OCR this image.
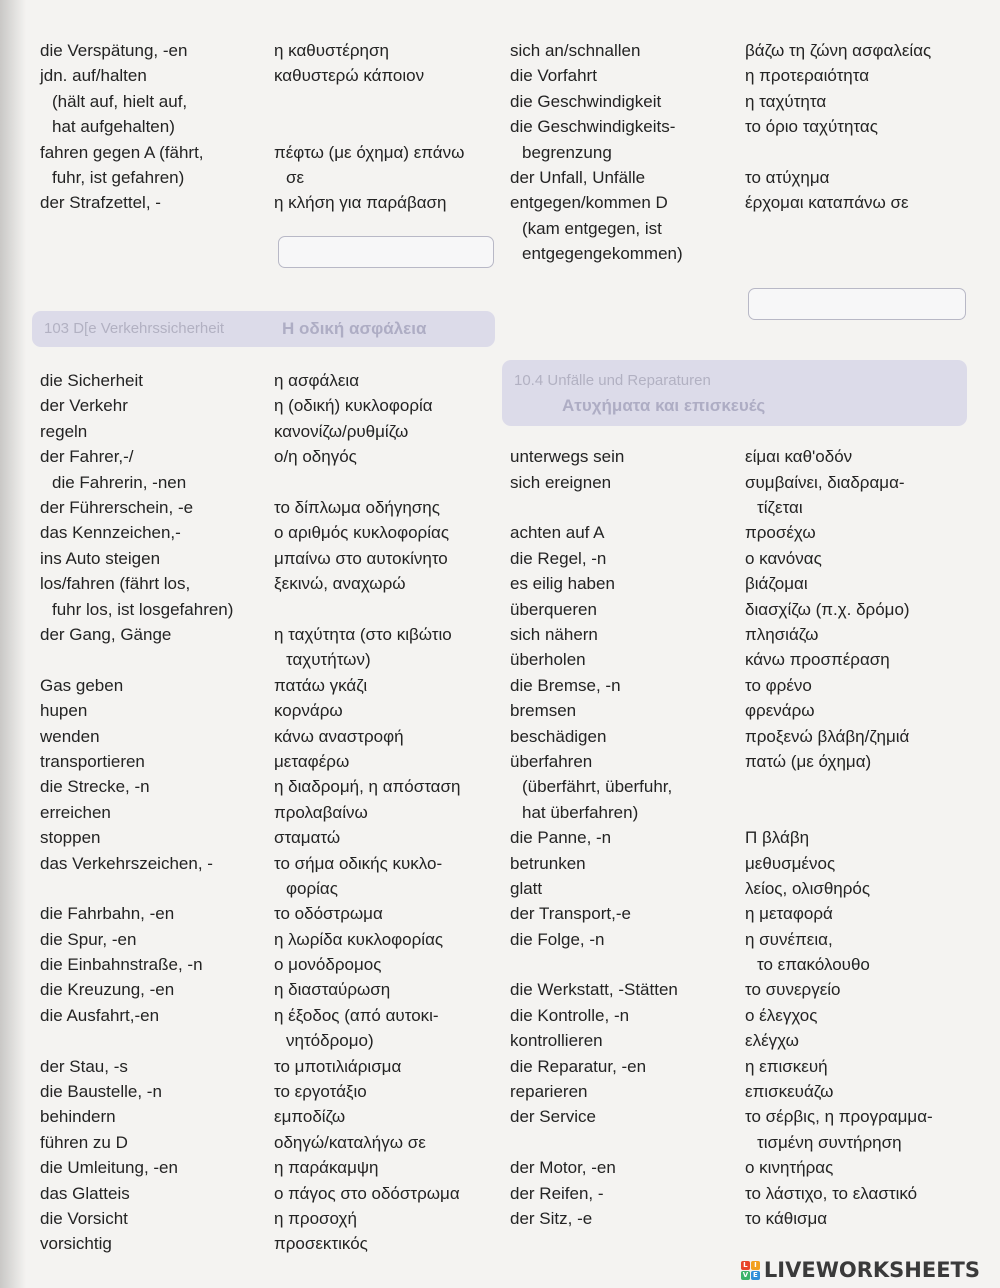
103 D[e Verkehrssicherheit	Η οδική ασφάλεια
10.4 Unfälle und Reparaturen
Ατυχήματα και επισκευές
die Verspätung, -en
jdn. auf/halten
(hält auf, hielt auf,
hat aufgehalten)
fahren gegen A (fährt,
fuhr, ist gefahren)
der Strafzettel, -
die Sicherheit
der Verkehr
regeln
der Fahrer,-/
die Fahrerin, -nen
der Führerschein, -e
das Kennzeichen,-
ins Auto steigen
los/fahren (fährt los,
fuhr los, ist losgefahren)
der Gang, Gänge
Gas geben
hupen
wenden
transportieren
die Strecke, -n
erreichen
stoppen
das Verkehrszeichen, -
die Fahrbahn, -en
die Spur, -en
die Einbahnstraße, -n
die Kreuzung, -en
die Ausfahrt,-en
der Stau, -s
die Baustelle, -n
behindern
führen zu D
die Umleitung, -en
das Glatteis
die Vorsicht
vorsichtig
η καθυστέρηση
καθυστερώ κάποιον
πέφτω (με όχημα) επάνω
σε
η κλήση για παράβαση
η ασφάλεια
η (οδική) κυκλοφορία
κανονίζω/ρυθμίζω
ο/η οδηγός
το δίπλωμα οδήγησης
ο αριθμός κυκλοφορίας
μπαίνω στο αυτοκίνητο
ξεκινώ, αναχωρώ
η ταχύτητα (στο κιβώτιο
ταχυτήτων)
πατάω γκάζι
κορνάρω
κάνω αναστροφή
μεταφέρω
η διαδρομή, η απόσταση
προλαβαίνω
σταματώ
το σήμα οδικής κυκλο-
φορίας
το οδόστρωμα
η λωρίδα κυκλοφορίας
ο μονόδρομος
η διασταύρωση
η έξοδος (από αυτοκι-
νητόδρομο)
το μποτιλιάρισμα
το εργοτάξιο
εμποδίζω
οδηγώ/καταλήγω σε
η παράκαμψη
ο πάγος στο οδόστρωμα
η προσοχή
προσεκτικός
sich an/schnallen
die Vorfahrt
die Geschwindigkeit
die Geschwindigkeits-
begrenzung
der Unfall, Unfälle
entgegen/kommen D
(kam entgegen, ist
entgegengekommen)
unterwegs sein
sich ereignen
achten auf A
die Regel, -n
es eilig haben
überqueren
sich nähern
überholen
die Bremse, -n
bremsen
beschädigen
überfahren
(überfährt, überfuhr,
hat überfahren)
die Panne, -n
betrunken
glatt
der Transport,-e
die Folge, -n
die Werkstatt, -Stätten
die Kontrolle, -n
kontrollieren
die Reparatur, -en
reparieren
der Service
der Motor, -en
der Reifen, -
der Sitz, -e
βάζω τη ζώνη ασφαλείας
η προτεραιότητα
η ταχύτητα
το όριο ταχύτητας
το ατύχημα
έρχομαι καταπάνω σε
είμαι καθ'οδόν
συμβαίνει, διαδραμα-
τίζεται
προσέχω
ο κανόνας
βιάζομαι
διασχίζω (π.χ. δρόμο)
πλησιάζω
κάνω προσπέραση
το φρένο
φρενάρω
προξενώ βλάβη/ζημιά
πατώ (με όχημα)
Π βλάβη
μεθυσμένος
λείος, ολισθηρός
η μεταφορά
η συνέπεια,
το επακόλουθο
το συνεργείο
ο έλεγχος
ελέγχω
η επισκευή
επισκευάζω
το σέρβις, η προγραμμα-
τισμένη συντήρηση
ο κινητήρας
το λάστιχο, το ελαστικό
το κάθισμα
L I
V E LIVEWORKSHEETS
